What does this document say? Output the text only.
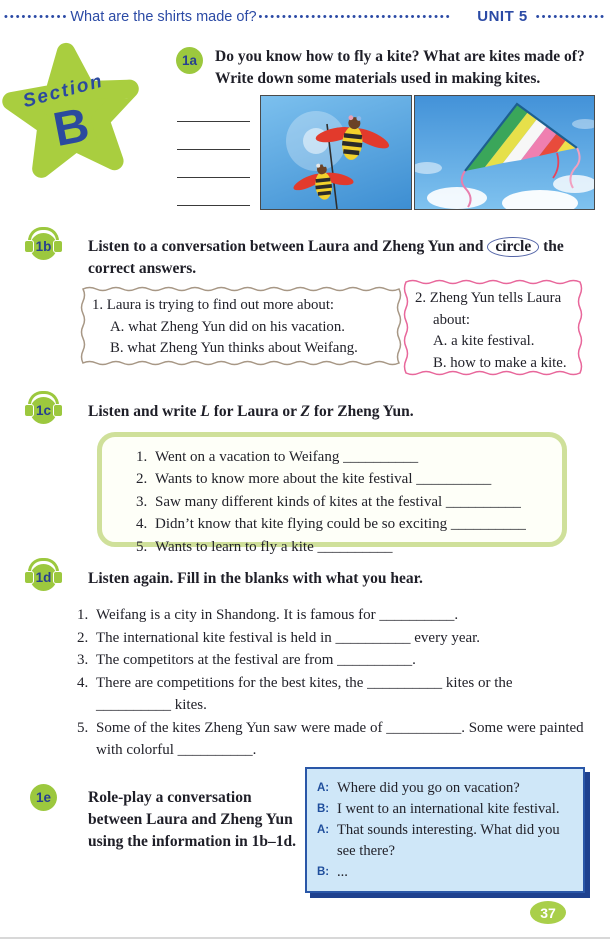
••••••••••• What are the shirts made of? •••••••••••••••••••••••••••••••••	UNIT 5 ••••••••••••
Section
B
1a Do you know how to fly a kite? What are kites made of? Write down some materials used in making kites.
1b Listen to a conversation between Laura and Zheng Yun and circle the correct answers.
1. Laura is trying to find out more about:
A. what Zheng Yun did on his vacation.
B. what Zheng Yun thinks about Weifang.
2. Zheng Yun tells Laura about:
A. a kite festival.
B. how to make a kite.
1c Listen and write L for Laura or Z for Zheng Yun.
1. Went on a vacation to Weifang __________
2. Wants to know more about the kite festival __________
3. Saw many different kinds of kites at the festival __________
4. Didn’t know that kite flying could be so exciting __________
5. Wants to learn to fly a kite __________
1d Listen again. Fill in the blanks with what you hear.

1. Weifang is a city in Shandong. It is famous for __________.

2. The international kite festival is held in __________ every year.

3. The competitors at the festival are from __________.

4. There are competitions for the best kites, the __________ kites or the __________ kites.

5. Some of the kites Zheng Yun saw were made of __________. Some were painted with colorful __________.

1e Role-play a conversation between Laura and Zheng Yun using the information in 1b–1d.
A: Where did you go on vacation?
B: I went to an international kite festival.
A: That sounds interesting. What did you see there?
B: ...
37
